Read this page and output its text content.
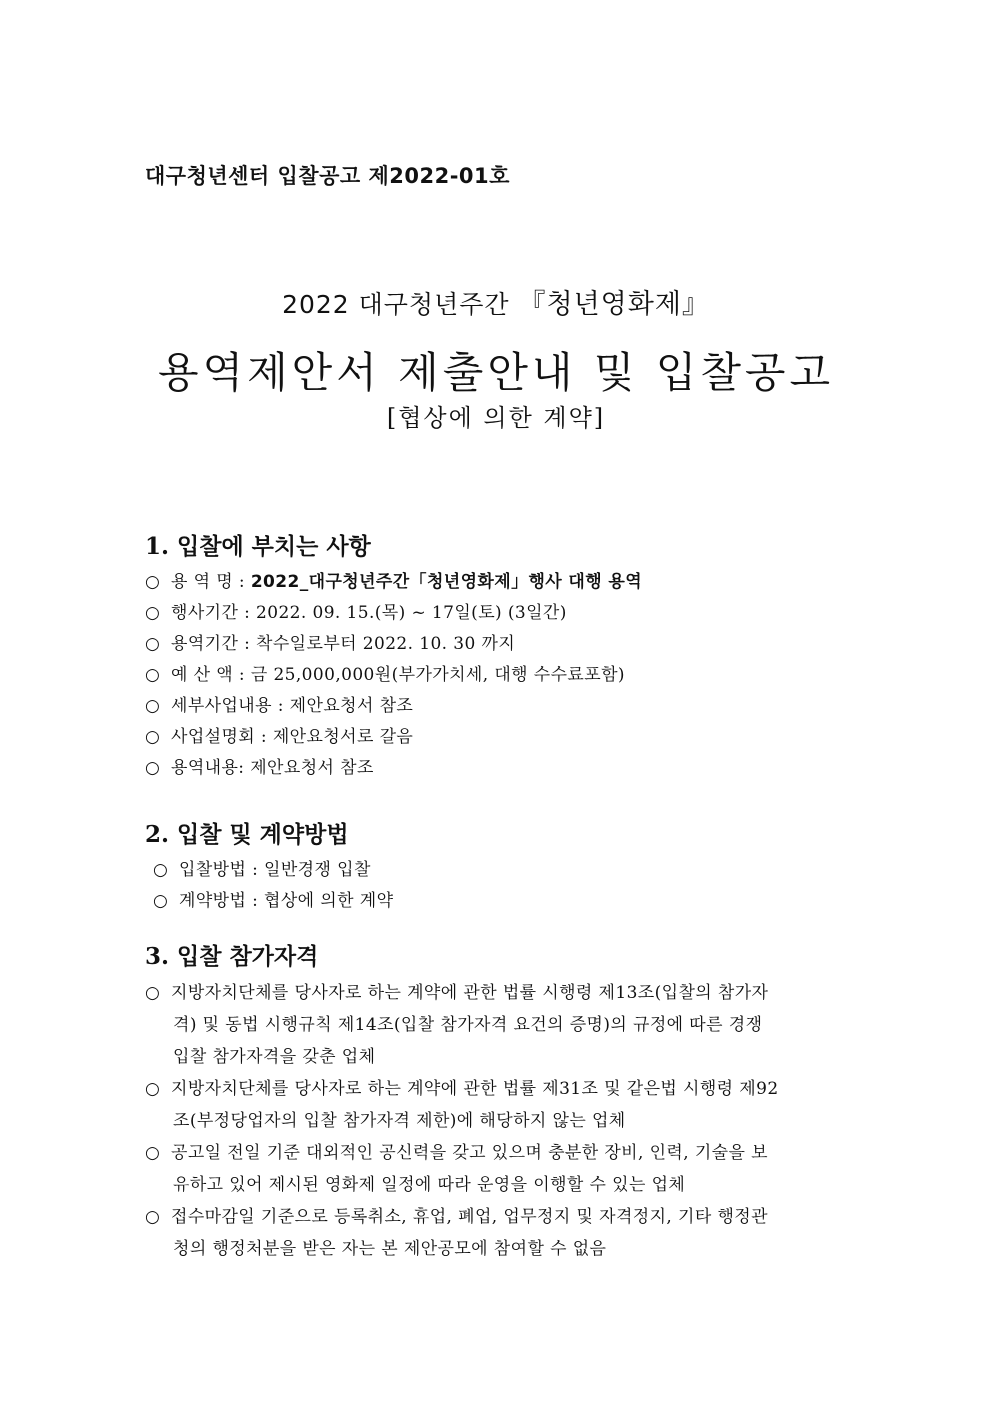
대구청년센터 입찰공고 제2022-01호
2022 대구청년주간 『청년영화제』
용역제안서 제출안내 및 입찰공고
[협상에 의한 계약]
1. 입찰에 부치는 사항
○ 용 역 명 : 2022_대구청년주간「청년영화제」행사 대행 용역
○ 행사기간 : 2022. 09. 15.(목) ~ 17일(토) (3일간)
○ 용역기간 : 착수일로부터 2022. 10. 30 까지
○ 예 산 액 : 금 25,000,000원(부가가치세, 대행 수수료포함)
○ 세부사업내용 : 제안요청서 참조
○ 사업설명회 : 제안요청서로 갈음
○ 용역내용: 제안요청서 참조
2. 입찰 및 계약방법
○ 입찰방법 : 일반경쟁 입찰
○ 계약방법 : 협상에 의한 계약
3. 입찰 참가자격
○ 지방자치단체를 당사자로 하는 계약에 관한 법률 시행령 제13조(입찰의 참가자
격) 및 동법 시행규칙 제14조(입찰 참가자격 요건의 증명)의 규정에 따른 경쟁
입찰 참가자격을 갖춘 업체
○ 지방자치단체를 당사자로 하는 계약에 관한 법률 제31조 및 같은법 시행령 제92
조(부정당업자의 입찰 참가자격 제한)에 해당하지 않는 업체
○ 공고일 전일 기준 대외적인 공신력을 갖고 있으며 충분한 장비, 인력, 기술을 보
유하고 있어 제시된 영화제 일정에 따라 운영을 이행할 수 있는 업체
○ 접수마감일 기준으로 등록취소, 휴업, 폐업, 업무정지 및 자격정지, 기타 행정관
청의 행정처분을 받은 자는 본 제안공모에 참여할 수 없음
